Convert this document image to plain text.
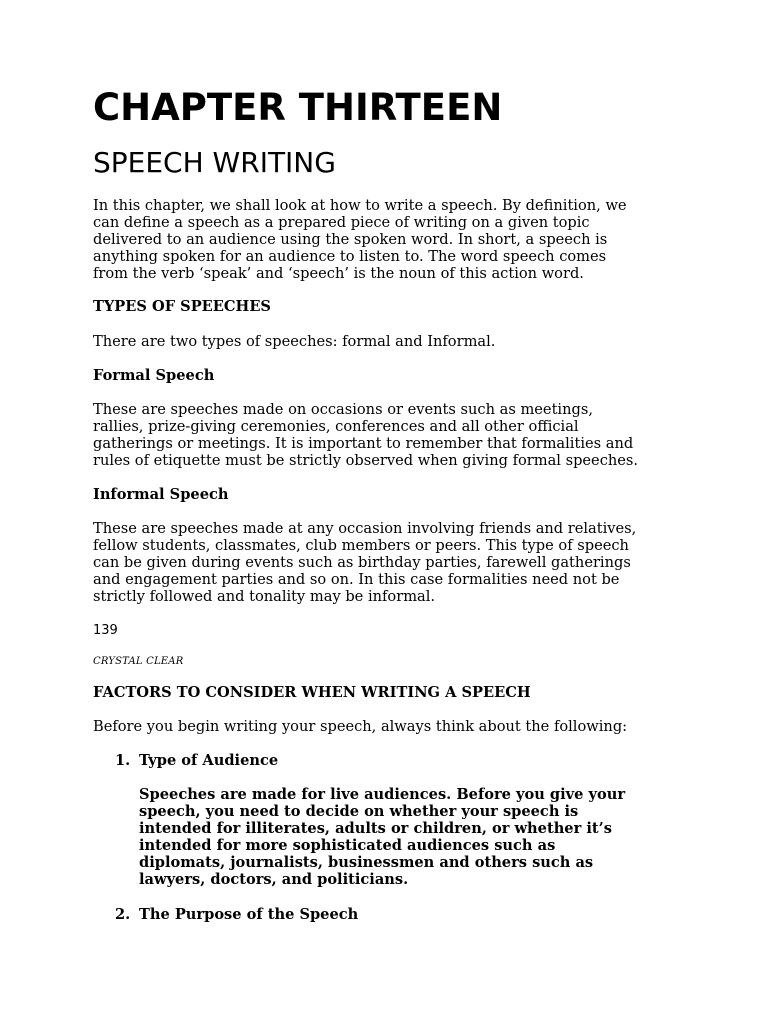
CHAPTER THIRTEEN
SPEECH WRITING

In this chapter, we shall look at how to write a speech. By definition, we
can define a speech as a prepared piece of writing on a given topic
delivered to an audience using the spoken word. In short, a speech is
anything spoken for an audience to listen to. The word speech comes
from the verb ‘speak’ and ‘speech’ is the noun of this action word.

TYPES OF SPEECHES

There are two types of speeches: formal and Informal.

Formal Speech

These are speeches made on occasions or events such as meetings,
rallies, prize-giving ceremonies, conferences and all other official
gatherings or meetings. It is important to remember that formalities and
rules of etiquette must be strictly observed when giving formal speeches.

Informal Speech

These are speeches made at any occasion involving friends and relatives,
fellow students, classmates, club members or peers. This type of speech
can be given during events such as birthday parties, farewell gatherings
and engagement parties and so on. In this case formalities need not be
strictly followed and tonality may be informal.

139

CRYSTAL CLEAR

FACTORS TO CONSIDER WHEN WRITING A SPEECH

Before you begin writing your speech, always think about the following:

1. Type of Audience

Speeches are made for live audiences. Before you give your
speech, you need to decide on whether your speech is
intended for illiterates, adults or children, or whether it’s
intended for more sophisticated audiences such as
diplomats, journalists, businessmen and others such as
lawyers, doctors, and politicians.

2. The Purpose of the Speech
